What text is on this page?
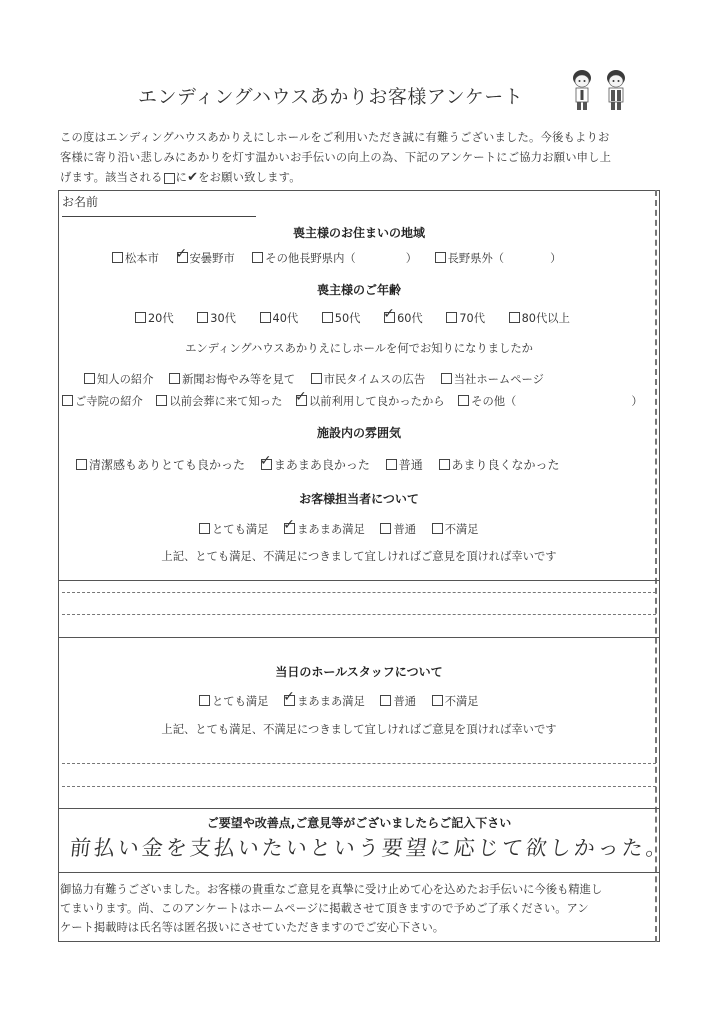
エンディングハウスあかりお客様アンケート
この度はエンディングハウスあかりえにしホールをご利用いただき誠に有難うございました。今後もよりお
客様に寄り沿い悲しみにあかりを灯す温かいお手伝いの向上の為、下記のアンケートにご協力お願い申し上
げます。該当される に✔をお願い致します。
お名前
喪主様のお住まいの地域
松本市 ✓ 安曇野市	その他長野県内（	）	長野県外（	）
喪主様のご年齢
20代	30代	40代	50代 ✓ 60代	70代	80代以上
エンディングハウスあかりえにしホールを何でお知りになりましたか
知人の紹介	新聞お悔やみ等を見て	市民タイムスの広告	当社ホームページ
ご寺院の紹介 以前会葬に来て知った ✓ 以前利用して良かったから その他（	）
施設内の雰囲気
清潔感もありとても良かった ✓ まあまあ良かった 普通 あまり良くなかった
お客様担当者について
とても満足 ✓ まあまあ満足	普通	不満足
上記、とても満足、不満足につきまして宜しければご意見を頂ければ幸いです
当日のホールスタッフについて
とても満足 ✓ まあまあ満足	普通	不満足
上記、とても満足、不満足につきまして宜しければご意見を頂ければ幸いです
ご要望や改善点,ご意見等がございましたらご記入下さい
前払い金を支払いたいという要望に応じて欲しかった。
御協力有難うございました。お客様の貴重なご意見を真摯に受け止めて心を込めたお手伝いに今後も精進し
てまいります。尚、このアンケートはホームページに掲載させて頂きますので予めご了承ください。アン
ケート掲載時は氏名等は匿名扱いにさせていただきますのでご安心下さい。
